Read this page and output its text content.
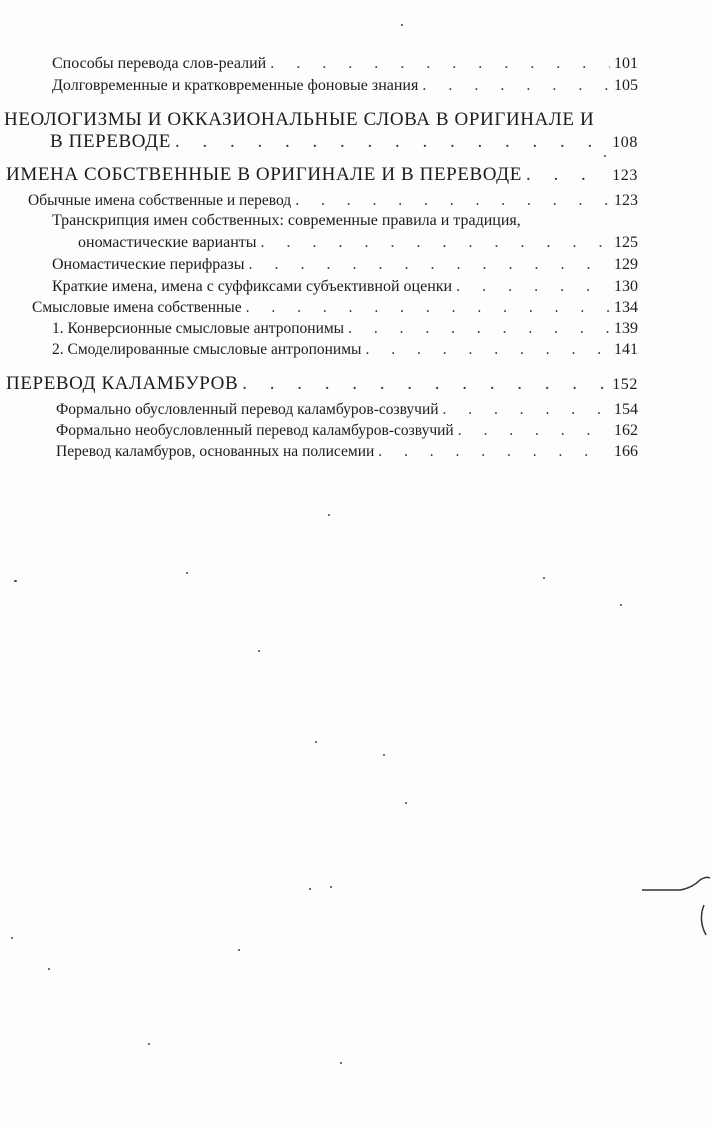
Способы перевода слов-реалий . . .	101
Долговременные и кратковременные фоновые знания . . .	105
НЕОЛОГИЗМЫ И ОККАЗИОНАЛЬНЫЕ СЛОВА В ОРИГИНАЛЕ И
В ПЕРЕВОДЕ . . .	108
ИМЕНА СОБСТВЕННЫЕ В ОРИГИНАЛЕ И В ПЕРЕВОДЕ . . .	123
Обычные имена собственные и перевод . . .	123
Транскрипция имен собственных: современные правила и традиция,
ономастические варианты . . .	125
Ономастические перифразы . . .	129
Краткие имена, имена с суффиксами субъективной оценки . . .	130
Смысловые имена собственные . . .	134
1. Конверсионные смысловые антропонимы . . .	139
2. Смоделированные смысловые антропонимы . . .	141
ПЕРЕВОД КАЛАМБУРОВ . . .	152
Формально обусловленный перевод каламбуров-созвучий . . .	154
Формально необусловленный перевод каламбуров-созвучий . . .	162
Перевод каламбуров, основанных на полисемии . . .	166
